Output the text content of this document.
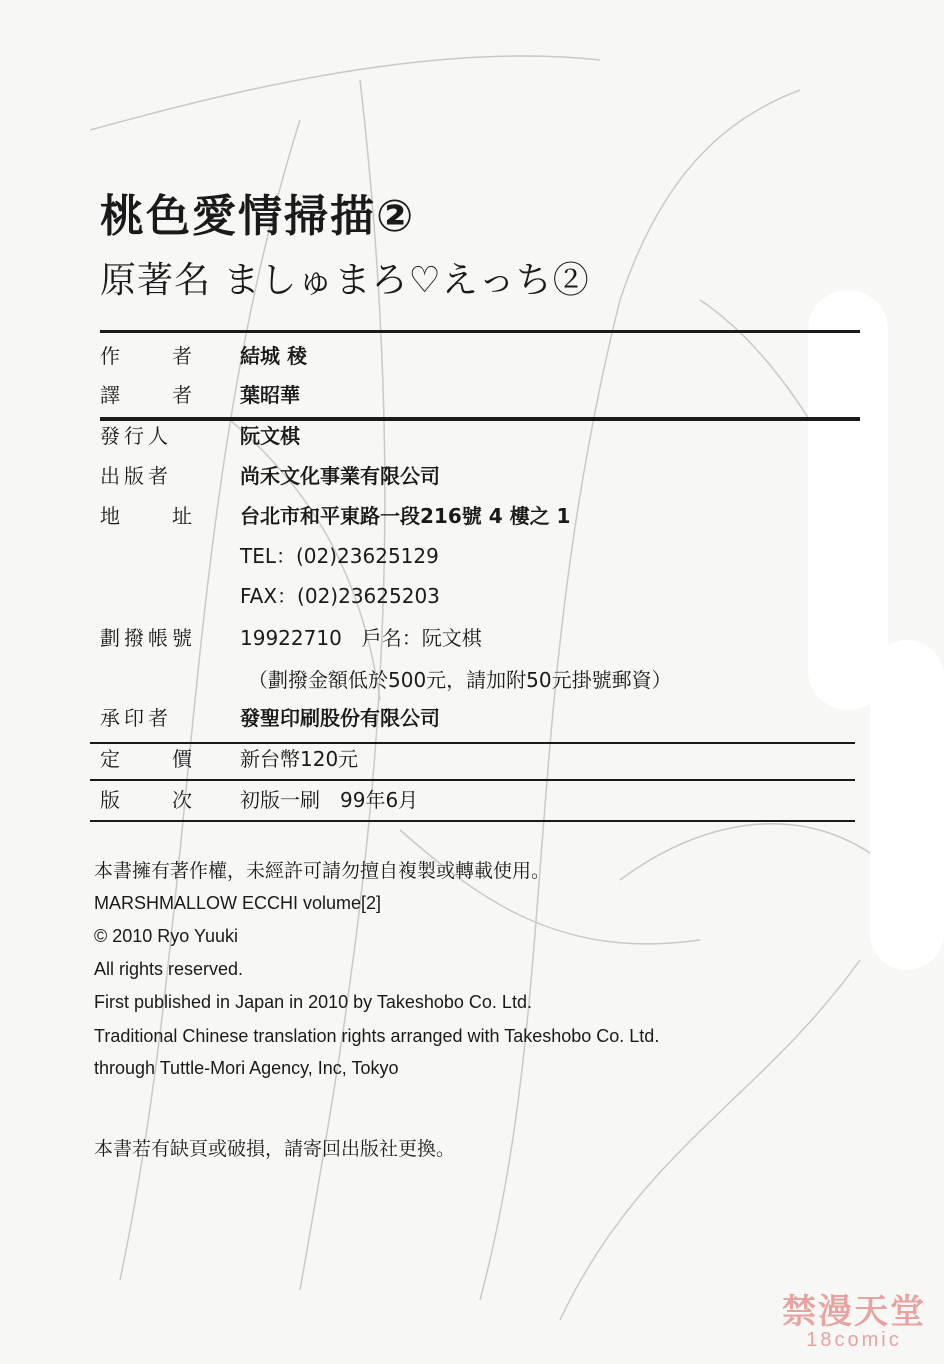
桃色愛情掃描②
原著名 ましゅまろ♡えっち②
作	者 結城 稜
譯	者 葉昭華
發行人	阮文棋
出版者	尚禾文化事業有限公司
地	址 台北市和平東路一段216號 4 樓之 1
TEL：(02)23625129
FAX：(02)23625203
劃撥帳號	19922710　戶名：阮文棋
（劃撥金額低於500元，請加附50元掛號郵資）
承印者	發聖印刷股份有限公司
定	價 新台幣120元
版	次 初版一刷　99年6月
本書擁有著作權，未經許可請勿擅自複製或轉載使用。
MARSHMALLOW ECCHI volume[2]
© 2010 Ryo Yuuki
All rights reserved.
First published in Japan in 2010 by Takeshobo Co. Ltd.
Traditional Chinese translation rights arranged with Takeshobo Co. Ltd.
through Tuttle-Mori Agency, Inc, Tokyo
本書若有缺頁或破損，請寄回出版社更換。
禁漫天堂
18comic
